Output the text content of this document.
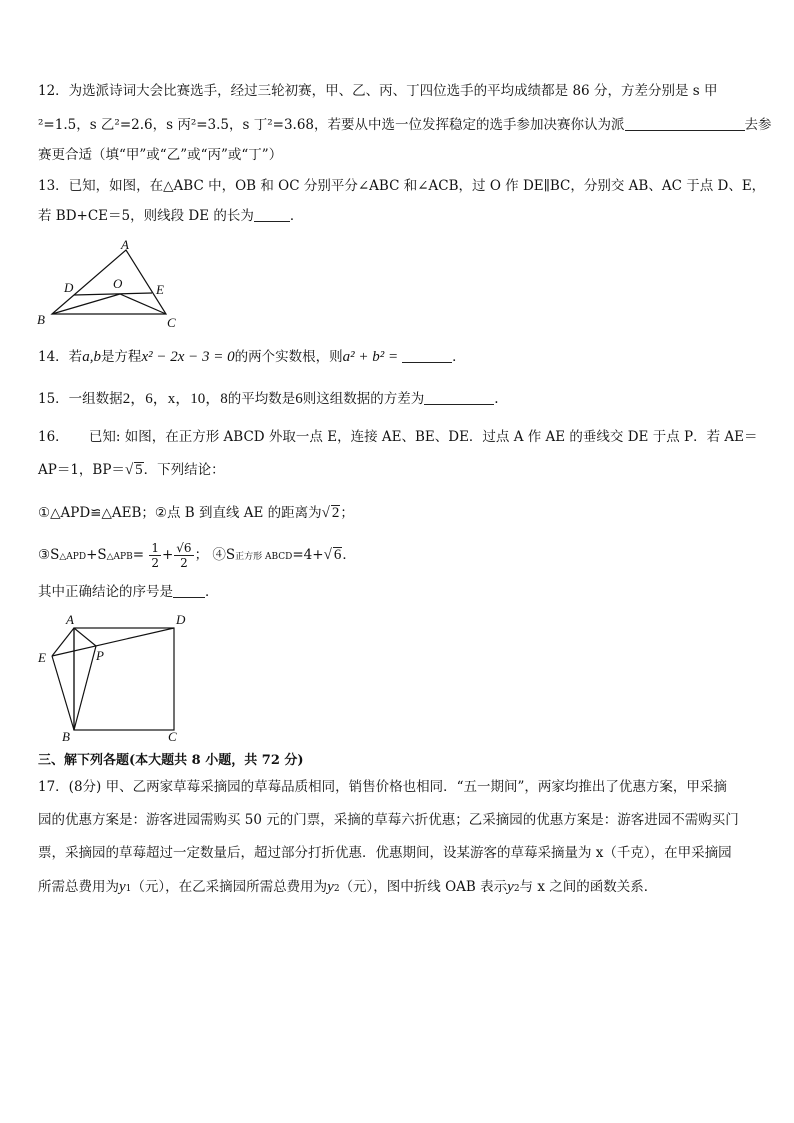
12．为选派诗词大会比赛选手，经过三轮初赛，甲、乙、丙、丁四位选手的平均成绩都是 86 分，方差分别是 s 甲
²=1.5，s 乙²=2.6，s 丙²=3.5，s 丁²=3.68，若要从中选一位发挥稳定的选手参加决赛你认为派	去参
赛更合适（填“甲”或“乙”或“丙”或“丁”）
13．已知，如图，在△ABC 中，OB 和 OC 分别平分∠ABC 和∠ACB，过 O 作 DE∥BC，分别交 AB、AC 于点 D、E，
若 BD+CE＝5，则线段 DE 的长为	．
A
D	O	E
B	C
14．若a,b是方程x² − 2x − 3 = 0的两个实数根，则a² + b² =	．
15．一组数据2，6，x，10，8的平均数是6则这组数据的方差为	.
16．　　已知: 如图，在正方形 ABCD 外取一点 E，连接 AE、BE、DE．过点 A 作 AE 的垂线交 DE 于点 P．若 AE＝
AP＝1，BP＝√ 5．下列结论：
①△APD≌△AEB；②点 B 到直线 AE 的距离为√ 2；
③S△APD+S△APB= $\frac{1}{2} + \frac{√6}{2}$ ； ④S正方形 ABCD=4+√ 6．
其中正确结论的序号是 ．
A	D
E	P
B	C
三、解下列各题(本大题共 8 小题，共 72 分)
17．(8分) 甲、乙两家草莓采摘园的草莓品质相同，销售价格也相同．“五一期间”，两家均推出了优惠方案，甲采摘
园的优惠方案是：游客进园需购买 50 元的门票，采摘的草莓六折优惠；乙采摘园的优惠方案是：游客进园不需购买门
票，采摘园的草莓超过一定数量后，超过部分打折优惠．优惠期间，设某游客的草莓采摘量为 x（千克），在甲采摘园
所需总费用为y1（元），在乙采摘园所需总费用为y2（元），图中折线 OAB 表示y2与 x 之间的函数关系．
